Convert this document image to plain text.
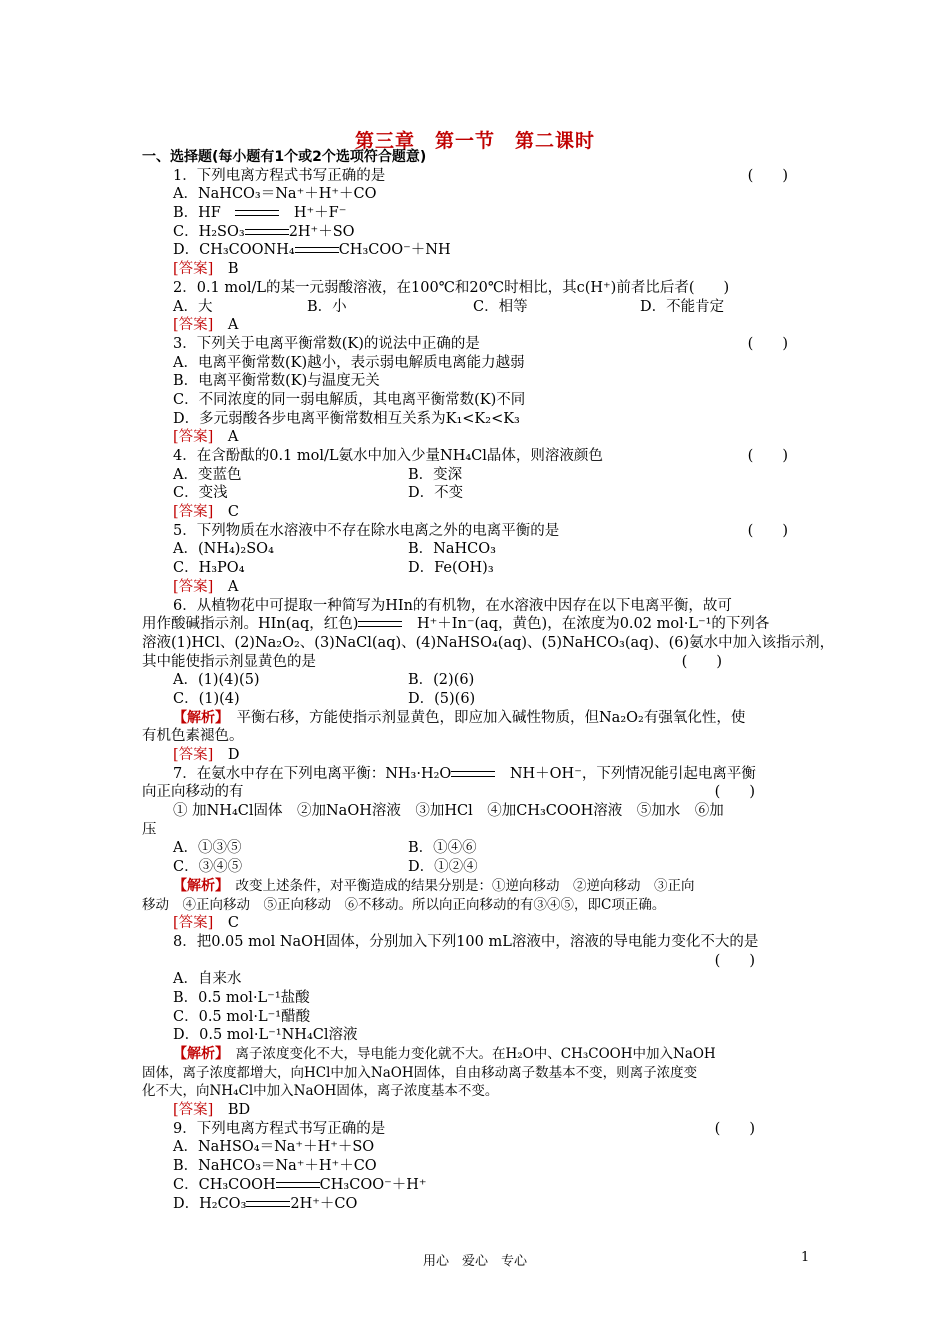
第三章　第一节　第二课时
一、选择题(每小题有1个或2个选项符合题意)
1．下列电离方程式书写正确的是	(　　)
A．NaHCO₃＝Na⁺＋H⁺＋CO
B．HF　　	H⁺＋F⁻
C．H₂SO₃	2H⁺＋SO
D．CH₃COONH₄	CH₃COO⁻＋NH
[答案]　 B
2．0.1 mol/L的某一元弱酸溶液，在100℃和20℃时相比，其c(H⁺)前者比后者(　　)
A．大	B．小	C．相等	D．不能肯定
[答案]　 A
3．下列关于电离平衡常数(K)的说法中正确的是	(　　)
A．电离平衡常数(K)越小，表示弱电解质电离能力越弱
B．电离平衡常数(K)与温度无关
C．不同浓度的同一弱电解质，其电离平衡常数(K)不同
D．多元弱酸各步电离平衡常数相互关系为K₁<K₂<K₃
[答案]　 A
4．在含酚酞的0.1 mol/L氨水中加入少量NH₄Cl晶体，则溶液颜色	(　　)
A．变蓝色	B．变深
C．变浅	D．不变
[答案]　 C
5．下列物质在水溶液中不存在除水电离之外的电离平衡的是	(　　)
A．(NH₄)₂SO₄	B．NaHCO₃
C．H₃PO₄	D．Fe(OH)₃
[答案]　 A
6．从植物花中可提取一种简写为HIn的有机物，在水溶液中因存在以下电离平衡，故可
用作酸碱指示剂。HIn(aq，红色)　	H⁺＋In⁻(aq，黄色)，在浓度为0.02 mol·L⁻¹的下列各
溶液(1)HCl、(2)Na₂O₂、(3)NaCl(aq)、(4)NaHSO₄(aq)、(5)NaHCO₃(aq)、(6)氨水中加入该指示剂，
其中能使指示剂显黄色的是	(　　)
A．(1)(4)(5)	B．(2)(6)
C．(1)(4)	D．(5)(6)
【解析】　 平衡右移，方能使指示剂显黄色，即应加入碱性物质，但Na₂O₂有强氧化性，使
有机色素褪色。
[答案]　 D
7．在氨水中存在下列电离平衡：NH₃·H₂O　	NH＋OH⁻，下列情况能引起电离平衡
向正向移动的有	(　　)
① 加NH₄Cl固体　②加NaOH溶液　③加HCl　④加CH₃COOH溶液　⑤加水　⑥加
压
A．①③⑤	B．①④⑥
C．③④⑤	D．①②④
【解析】　 改变上述条件，对平衡造成的结果分别是：①逆向移动　②逆向移动　③正向
移动　④正向移动　⑤正向移动　⑥不移动。所以向正向移动的有③④⑤，即C项正确。
[答案]　 C
8．把0.05 mol NaOH固体，分别加入下列100 mL溶液中，溶液的导电能力变化不大的是
(　　)
A．自来水
B．0.5 mol·L⁻¹盐酸
C．0.5 mol·L⁻¹醋酸
D．0.5 mol·L⁻¹NH₄Cl溶液
【解析】　 离子浓度变化不大，导电能力变化就不大。在H₂O中、CH₃COOH中加入NaOH
固体，离子浓度都增大，向HCl中加入NaOH固体，自由移动离子数基本不变，则离子浓度变
化不大，向NH₄Cl中加入NaOH固体，离子浓度基本不变。
[答案]　 BD
9．下列电离方程式书写正确的是	(　　)
A．NaHSO₄＝Na⁺＋H⁺＋SO
B．NaHCO₃＝Na⁺＋H⁺＋CO
C．CH₃COOH	CH₃COO⁻＋H⁺
D．H₂CO₃	2H⁺＋CO
用心　爱心　专心	1
